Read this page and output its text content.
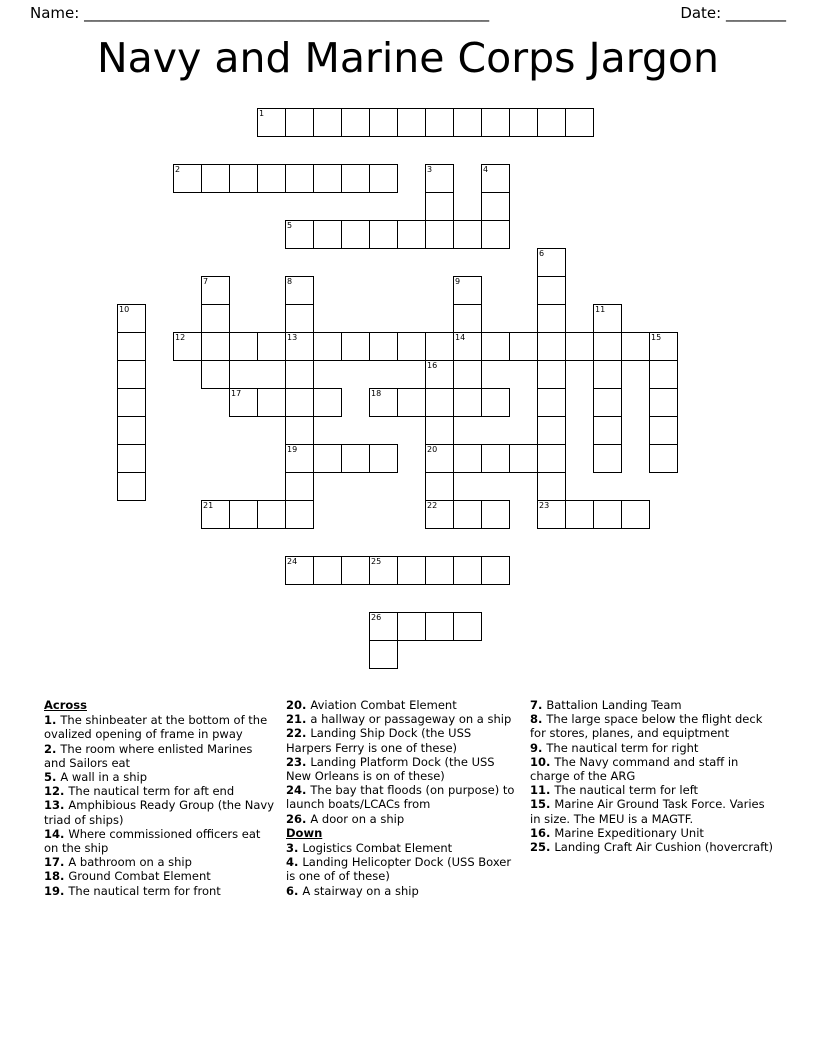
Name: ______________________________________________________	Date: ________
Navy and Marine Corps Jargon
1
2	3	4
5
6
7	8	9
10	11
12	13	14	15
16
17	18
19	20
21	22	23
24	25
26
Across
1. The shinbeater at the bottom of the ovalized opening of frame in pway
2. The room where enlisted Marines and Sailors eat
5. A wall in a ship
12. The nautical term for aft end
13. Amphibious Ready Group (the Navy triad of ships)
14. Where commissioned officers eat on the ship
17. A bathroom on a ship
18. Ground Combat Element
19. The nautical term for front
20. Aviation Combat Element
21. a hallway or passageway on a ship
22. Landing Ship Dock (the USS Harpers Ferry is one of these)
23. Landing Platform Dock (the USS New Orleans is on of these)
24. The bay that floods (on purpose) to launch boats/LCACs from
26. A door on a ship
Down
3. Logistics Combat Element
4. Landing Helicopter Dock (USS Boxer is one of of these)
6. A stairway on a ship
7. Battalion Landing Team
8. The large space below the flight deck for stores, planes, and equiptment
9. The nautical term for right
10. The Navy command and staff in charge of the ARG
11. The nautical term for left
15. Marine Air Ground Task Force. Varies in size. The MEU is a MAGTF.
16. Marine Expeditionary Unit
25. Landing Craft Air Cushion (hovercraft)
